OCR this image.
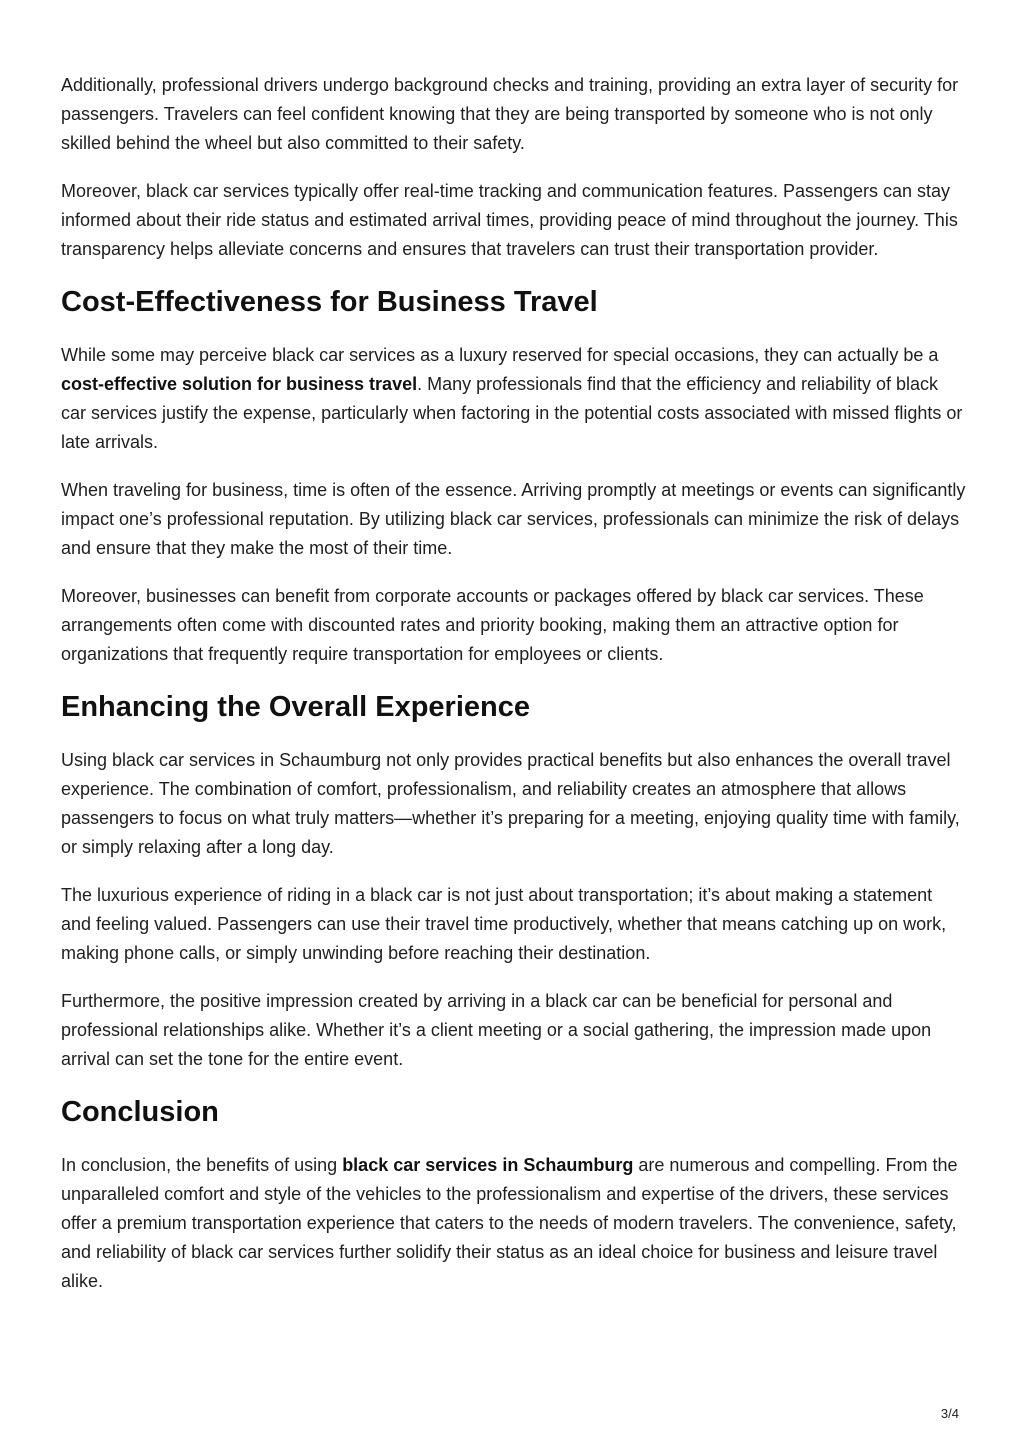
Additionally, professional drivers undergo background checks and training, providing an extra layer of security for passengers. Travelers can feel confident knowing that they are being transported by someone who is not only skilled behind the wheel but also committed to their safety.

Moreover, black car services typically offer real-time tracking and communication features. Passengers can stay informed about their ride status and estimated arrival times, providing peace of mind throughout the journey. This transparency helps alleviate concerns and ensures that travelers can trust their transportation provider.

Cost-Effectiveness for Business Travel

While some may perceive black car services as a luxury reserved for special occasions, they can actually be a cost-effective solution for business travel. Many professionals find that the efficiency and reliability of black car services justify the expense, particularly when factoring in the potential costs associated with missed flights or late arrivals.

When traveling for business, time is often of the essence. Arriving promptly at meetings or events can significantly impact one’s professional reputation. By utilizing black car services, professionals can minimize the risk of delays and ensure that they make the most of their time.

Moreover, businesses can benefit from corporate accounts or packages offered by black car services. These arrangements often come with discounted rates and priority booking, making them an attractive option for organizations that frequently require transportation for employees or clients.

Enhancing the Overall Experience

Using black car services in Schaumburg not only provides practical benefits but also enhances the overall travel experience. The combination of comfort, professionalism, and reliability creates an atmosphere that allows passengers to focus on what truly matters—whether it’s preparing for a meeting, enjoying quality time with family, or simply relaxing after a long day.

The luxurious experience of riding in a black car is not just about transportation; it’s about making a statement and feeling valued. Passengers can use their travel time productively, whether that means catching up on work, making phone calls, or simply unwinding before reaching their destination.

Furthermore, the positive impression created by arriving in a black car can be beneficial for personal and professional relationships alike. Whether it’s a client meeting or a social gathering, the impression made upon arrival can set the tone for the entire event.

Conclusion

In conclusion, the benefits of using black car services in Schaumburg are numerous and compelling. From the unparalleled comfort and style of the vehicles to the professionalism and expertise of the drivers, these services offer a premium transportation experience that caters to the needs of modern travelers. The convenience, safety, and reliability of black car services further solidify their status as an ideal choice for business and leisure travel alike.

3/4
